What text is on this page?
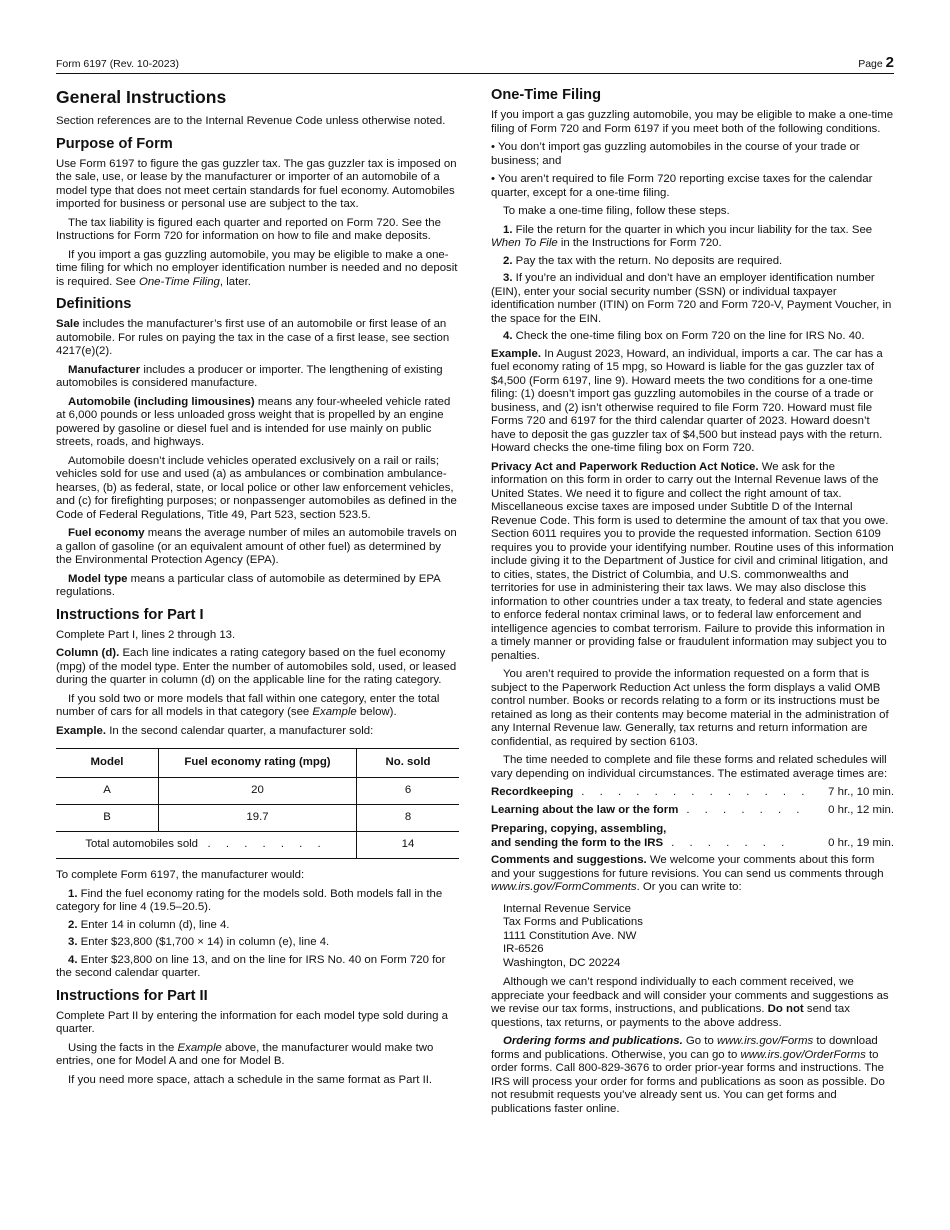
Form 6197 (Rev. 10-2023)	Page 2
General Instructions

Section references are to the Internal Revenue Code unless otherwise noted.

Purpose of Form

Use Form 6197 to figure the gas guzzler tax. The gas guzzler tax is imposed on the sale, use, or lease by the manufacturer or importer of an automobile of a model type that does not meet certain standards for fuel economy. Automobiles imported for business or personal use are subject to the tax.

The tax liability is figured each quarter and reported on Form 720. See the Instructions for Form 720 for information on how to file and make deposits.

If you import a gas guzzling automobile, you may be eligible to make a one-time filing for which no employer identification number is needed and no deposit is required. See One-Time Filing, later.

Definitions

Sale includes the manufacturer’s first use of an automobile or first lease of an automobile. For rules on paying the tax in the case of a first lease, see section 4217(e)(2).

Manufacturer includes a producer or importer. The lengthening of existing automobiles is considered manufacture.

Automobile (including limousines) means any four-wheeled vehicle rated at 6,000 pounds or less unloaded gross weight that is propelled by an engine powered by gasoline or diesel fuel and is intended for use mainly on public streets, roads, and highways.

Automobile doesn’t include vehicles operated exclusively on a rail or rails; vehicles sold for use and used (a) as ambulances or combination ambulance-hearses, (b) as federal, state, or local police or other law enforcement vehicles, and (c) for firefighting purposes; or nonpassenger automobiles as defined in the Code of Federal Regulations, Title 49, Part 523, section 523.5.

Fuel economy means the average number of miles an automobile travels on a gallon of gasoline (or an equivalent amount of other fuel) as determined by the Environmental Protection Agency (EPA).

Model type means a particular class of automobile as determined by EPA regulations.

Instructions for Part I

Complete Part I, lines 2 through 13.

Column (d). Each line indicates a rating category based on the fuel economy (mpg) of the model type. Enter the number of automobiles sold, used, or leased during the quarter in column (d) on the applicable line for the rating category.

If you sold two or more models that fall within one category, enter the total number of cars for all models in that category (see Example below).

Example. In the second calendar quarter, a manufacturer sold:

Model	Fuel economy rating (mpg)	No. sold
A	20	6
B	19.7	8
Total automobiles sold . . . . . . .		14

To complete Form 6197, the manufacturer would:

1. Find the fuel economy rating for the models sold. Both models fall in the category for line 4 (19.5–20.5).

2. Enter 14 in column (d), line 4.

3. Enter $23,800 ($1,700 × 14) in column (e), line 4.

4. Enter $23,800 on line 13, and on the line for IRS No. 40 on Form 720 for the second calendar quarter.

Instructions for Part II

Complete Part II by entering the information for each model type sold during a quarter.

Using the facts in the Example above, the manufacturer would make two entries, one for Model A and one for Model B.

If you need more space, attach a schedule in the same format as Part II.

One-Time Filing

If you import a gas guzzling automobile, you may be eligible to make a one-time filing of Form 720 and Form 6197 if you meet both of the following conditions.

• You don’t import gas guzzling automobiles in the course of your trade or business; and

• You aren’t required to file Form 720 reporting excise taxes for the calendar quarter, except for a one-time filing.

To make a one-time filing, follow these steps.

1. File the return for the quarter in which you incur liability for the tax. See When To File in the Instructions for Form 720.

2. Pay the tax with the return. No deposits are required.

3. If you’re an individual and don’t have an employer identification number (EIN), enter your social security number (SSN) or individual taxpayer identification number (ITIN) on Form 720 and Form 720-V, Payment Voucher, in the space for the EIN.

4. Check the one-time filing box on Form 720 on the line for IRS No. 40.

Example. In August 2023, Howard, an individual, imports a car. The car has a fuel economy rating of 15 mpg, so Howard is liable for the gas guzzler tax of $4,500 (Form 6197, line 9). Howard meets the two conditions for a one-time filing: (1) doesn’t import gas guzzling automobiles in the course of a trade or business, and (2) isn’t otherwise required to file Form 720. Howard must file Forms 720 and 6197 for the third calendar quarter of 2023. Howard doesn’t have to deposit the gas guzzler tax of $4,500 but instead pays with the return. Howard checks the one-time filing box on Form 720.

Privacy Act and Paperwork Reduction Act Notice. We ask for the information on this form in order to carry out the Internal Revenue laws of the United States. We need it to figure and collect the right amount of tax. Miscellaneous excise taxes are imposed under Subtitle D of the Internal Revenue Code. This form is used to determine the amount of tax that you owe. Section 6011 requires you to provide the requested information. Section 6109 requires you to provide your identifying number. Routine uses of this information include giving it to the Department of Justice for civil and criminal litigation, and to cities, states, the District of Columbia, and U.S. commonwealths and territories for use in administering their tax laws. We may also disclose this information to other countries under a tax treaty, to federal and state agencies to enforce federal nontax criminal laws, or to federal law enforcement and intelligence agencies to combat terrorism. Failure to provide this information in a timely manner or providing false or fraudulent information may subject you to penalties.

You aren’t required to provide the information requested on a form that is subject to the Paperwork Reduction Act unless the form displays a valid OMB control number. Books or records relating to a form or its instructions must be retained as long as their contents may become material in the administration of any Internal Revenue law. Generally, tax returns and return information are confidential, as required by section 6103.

The time needed to complete and file these forms and related schedules will vary depending on individual circumstances. The estimated average times are:

Recordkeeping . . . . . . . . . . . . .	7 hr., 10 min.
Learning about the law or the form . . . . . . .	0 hr., 12 min.
Preparing, copying, assembling,
and sending the form to the IRS . . . . . . .	0 hr., 19 min.

Comments and suggestions. We welcome your comments about this form and your suggestions for future revisions. You can send us comments through www.irs.gov/FormComments. Or you can write to:

Internal Revenue Service
Tax Forms and Publications
1111 Constitution Ave. NW
IR-6526
Washington, DC 20224

Although we can’t respond individually to each comment received, we appreciate your feedback and will consider your comments and suggestions as we revise our tax forms, instructions, and publications. Do not send tax questions, tax returns, or payments to the above address.

Ordering forms and publications. Go to www.irs.gov/Forms to download forms and publications. Otherwise, you can go to www.irs.gov/OrderForms to order forms. Call 800-829-3676 to order prior-year forms and instructions. The IRS will process your order for forms and publications as soon as possible. Do not resubmit requests you’ve already sent us. You can get forms and publications faster online.
